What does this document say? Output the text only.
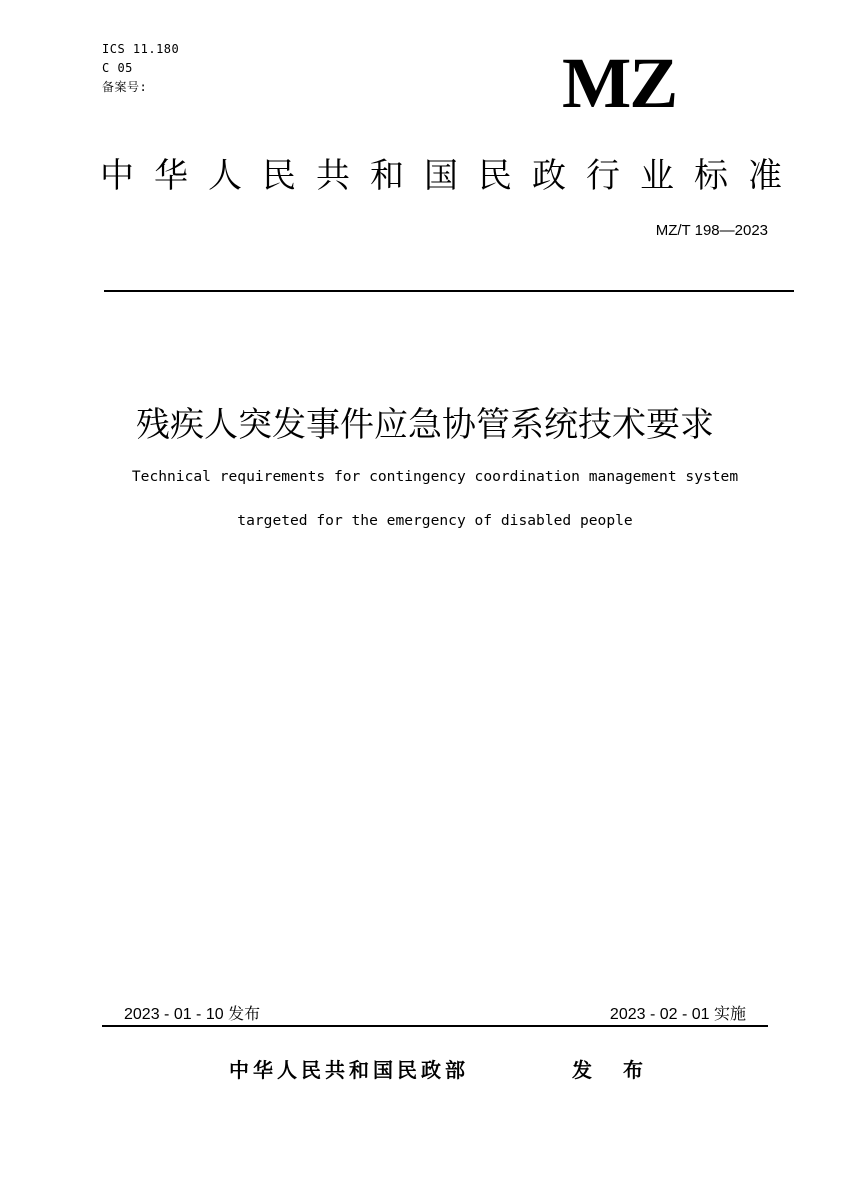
ICS 11.180
C 05
备案号:	MZ
中华人民共和国民政行业标准
MZ/T 198—2023
残疾人突发事件应急协管系统技术要求
Technical requirements for contingency coordination management system
targeted for the emergency of disabled people
2023 - 01 - 10 发布	2023 - 02 - 01 实施
中华人民共和国民政部	发 布
